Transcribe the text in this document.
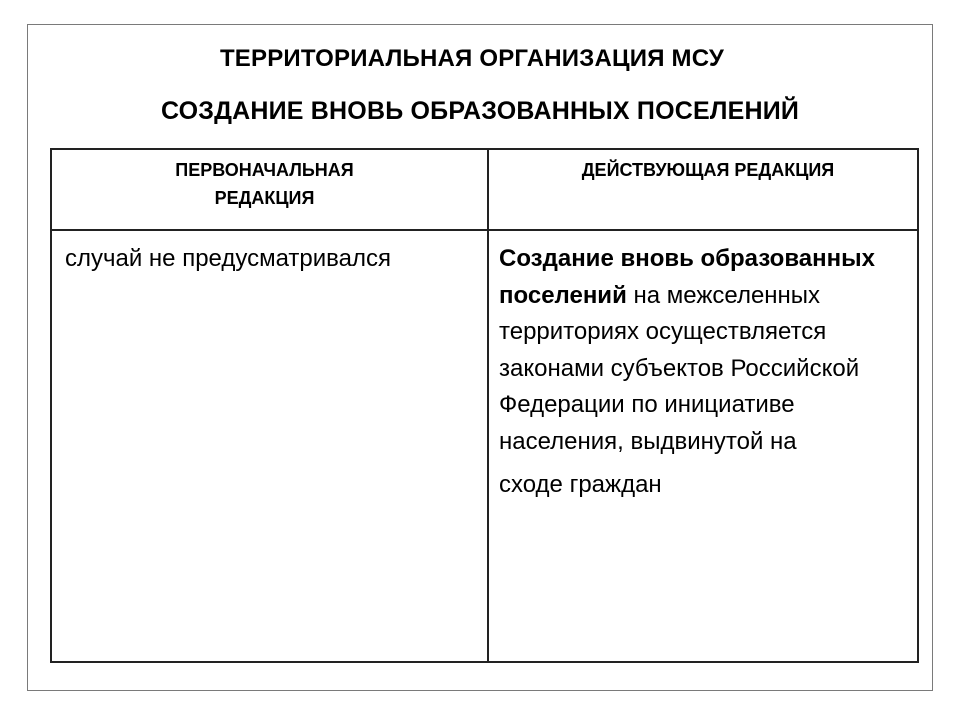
ТЕРРИТОРИАЛЬНАЯ ОРГАНИЗАЦИЯ МСУ
СОЗДАНИЕ ВНОВЬ ОБРАЗОВАННЫХ ПОСЕЛЕНИЙ
ПЕРВОНАЧАЛЬНАЯ
РЕДАКЦИЯ	ДЕЙСТВУЮЩАЯ РЕДАКЦИЯ
случай не предусматривался	Создание вновь образованных поселений на межселенных территориях осуществляется законами субъектов Российской Федерации по инициативе населения, выдвинутой на
сходе граждан
